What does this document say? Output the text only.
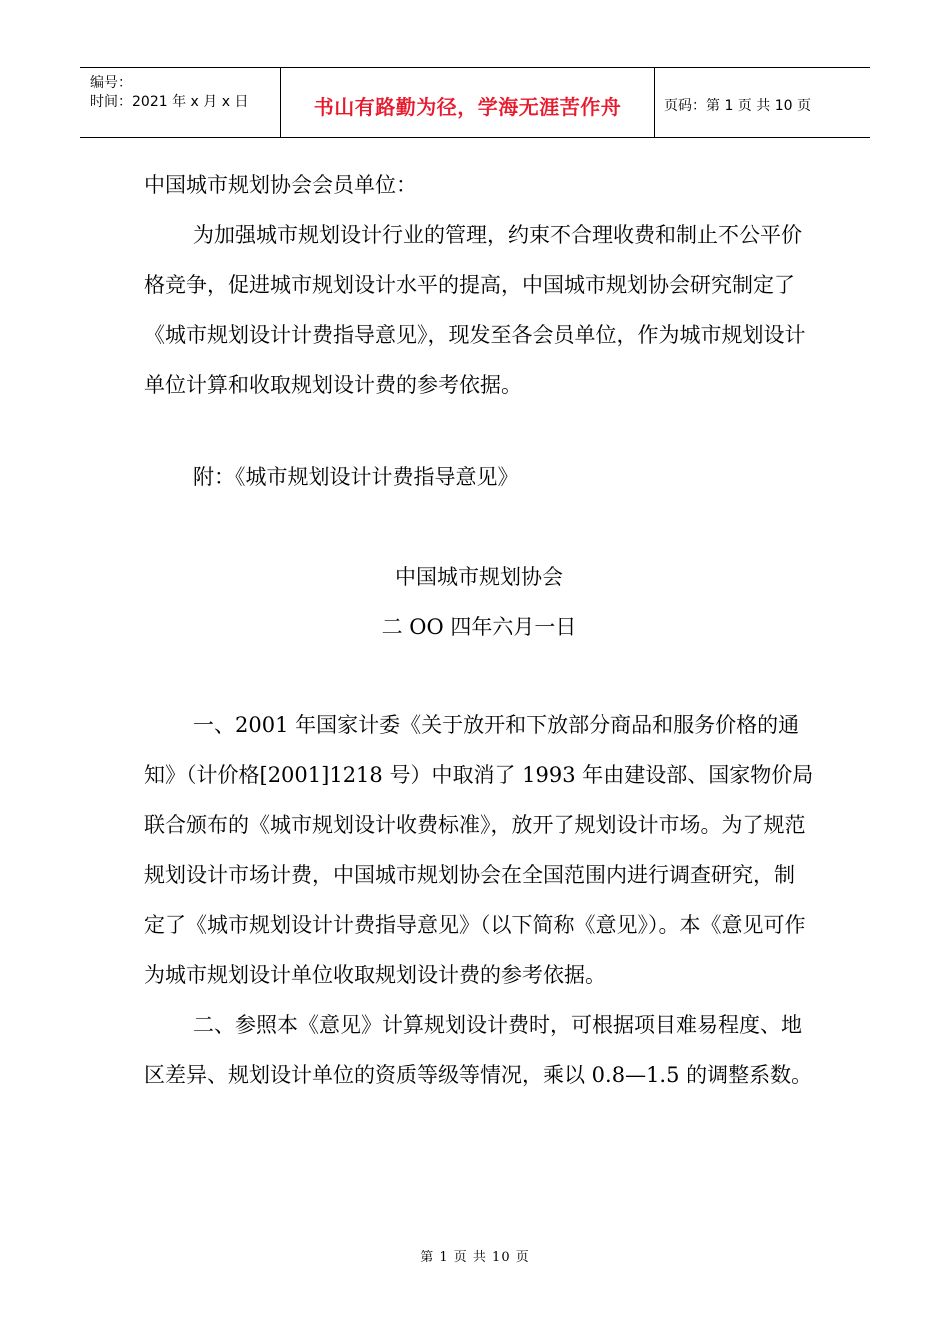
编号：
时间：2021 年 x 月 x 日	书山有路勤为径，学海无涯苦作舟	页码：第 1 页 共 10 页

中国城市规划协会会员单位：

为加强城市规划设计行业的管理，约束不合理收费和制止不公平价格竞争，促进城市规划设计水平的提高，中国城市规划协会研究制定了《城市规划设计计费指导意见》，现发至各会员单位，作为城市规划设计单位计算和收取规划设计费的参考依据。

附：《城市规划设计计费指导意见》

中国城市规划协会

二 OO 四年六月一日

一、2001 年国家计委《关于放开和下放部分商品和服务价格的通知》（计价格[2001]1218 号）中取消了 1993 年由建设部、国家物价局联合颁布的《城市规划设计收费标准》，放开了规划设计市场。为了规范规划设计市场计费，中国城市规划协会在全国范围内进行调查研究，制定了《城市规划设计计费指导意见》（以下简称《意见》）。本《意见可作为城市规划设计单位收取规划设计费的参考依据。

二、参照本《意见》计算规划设计费时，可根据项目难易程度、地区差异、规划设计单位的资质等级等情况，乘以 0.8—1.5 的调整系数。

第 1 页 共 10 页
